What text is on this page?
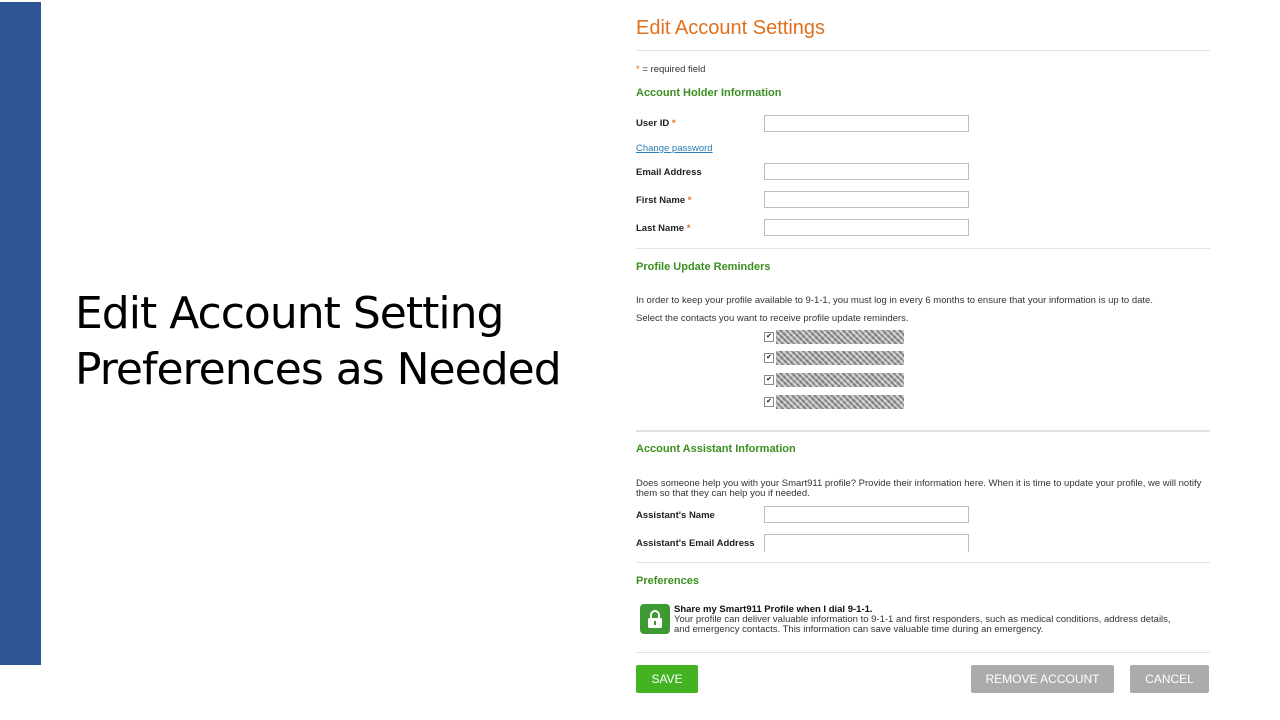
Edit Account Setting
Preferences as Needed
Edit Account Settings
* = required field
Account Holder Information
User ID *
Change password
Email Address
First Name *
Last Name *
Profile Update Reminders
In order to keep your profile available to 9-1-1, you must log in every 6 months to ensure that your information is up to date.
Select the contacts you want to receive profile update reminders.
✔
✔
✔
✔
Account Assistant Information
Does someone help you with your Smart911 profile? Provide their information here. When it is time to update your profile, we will notify them so that they can help you if needed.
Assistant's Name
Assistant's Email Address
Preferences
Share my Smart911 Profile when I dial 9-1-1.
Your profile can deliver valuable information to 9-1-1 and first responders, such as medical conditions, address details, and emergency contacts. This information can save valuable time during an emergency.
SAVE	REMOVE ACCOUNT	CANCEL
